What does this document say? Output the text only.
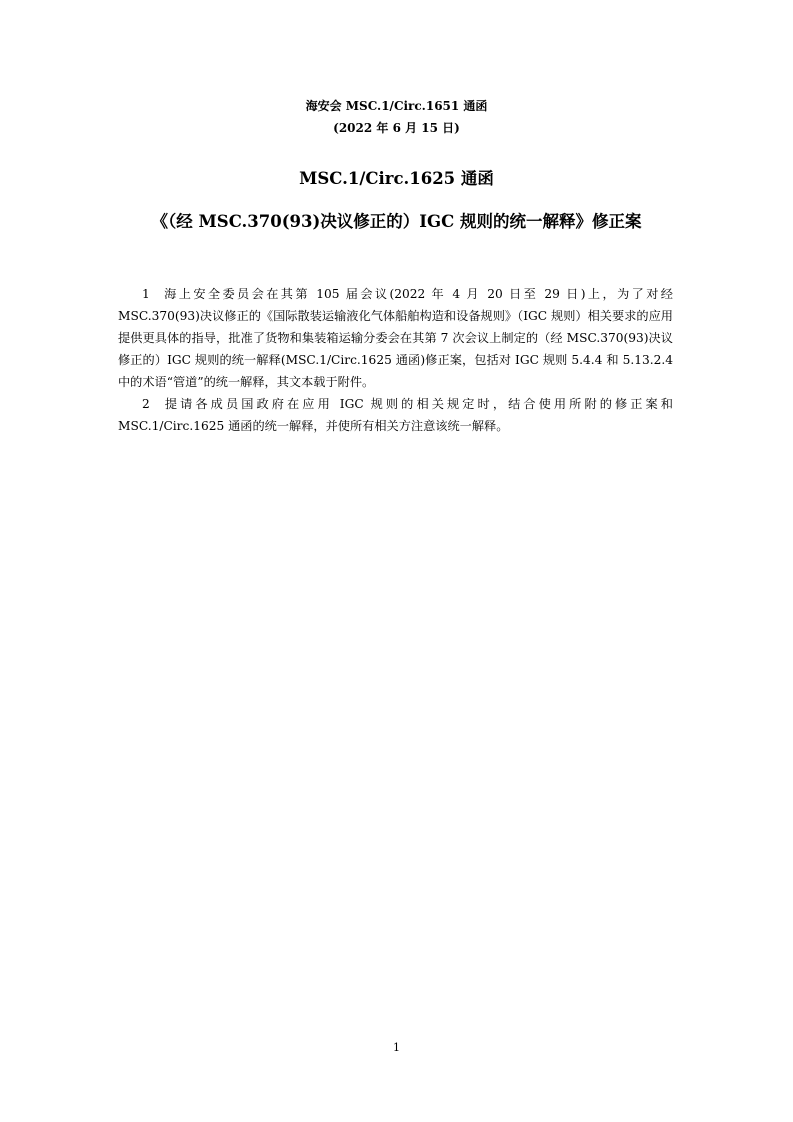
海安会 MSC.1/Circ.1651 通函
(2022 年 6 月 15 日)
MSC.1/Circ.1625 通函
《（经 MSC.370(93)决议修正的）IGC 规则的统一解释》修正案

1 海上安全委员会在其第 105 届会议(2022 年 4 月 20 日至 29 日)上，为了对经 MSC.370(93)决议修正的《国际散装运输液化气体船舶构造和设备规则》（IGC 规则）相关要求的应用提供更具体的指导，批准了货物和集装箱运输分委会在其第 7 次会议上制定的（经 MSC.370(93)决议修正的）IGC 规则的统一解释(MSC.1/Circ.1625 通函)修正案，包括对 IGC 规则 5.4.4 和 5.13.2.4 中的术语“管道”的统一解释，其文本载于附件。

2 提请各成员国政府在应用 IGC 规则的相关规定时，结合使用所附的修正案和 MSC.1/Circ.1625 通函的统一解释，并使所有相关方注意该统一解释。

1
